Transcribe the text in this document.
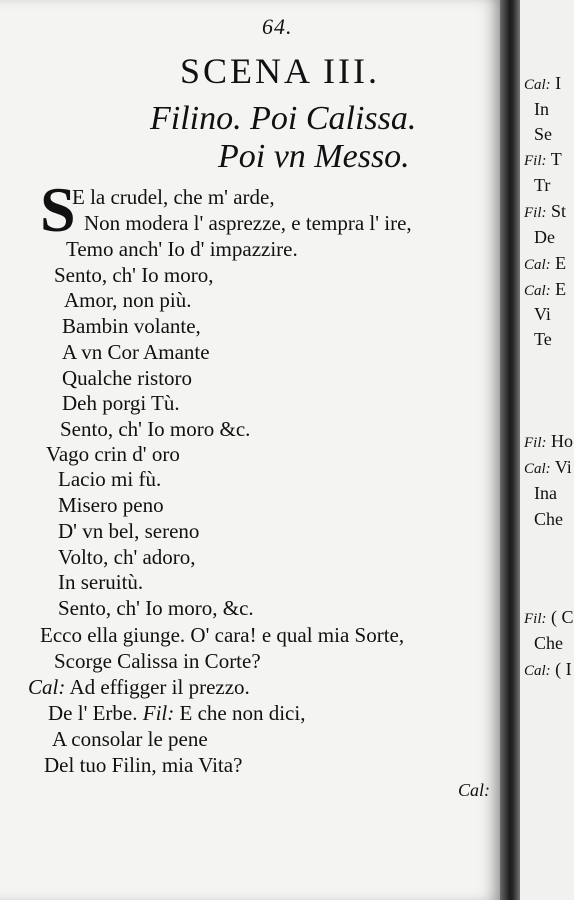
64.
SCENA III.
Filino. Poi Calissa.
Poi vn Messo.
S
E la crudel, che m' arde,
Non modera l' asprezze, e tempra l' ire,
Temo anch' Io d' impazzire.
Sento, ch' Io moro,
Amor, non più.
Bambin volante,
A vn Cor Amante
Qualche ristoro
Deh porgi Tù.
Sento, ch' Io moro &c.
Vago crin d' oro
Lacio mi fù.
Misero peno
D' vn bel, sereno
Volto, ch' adoro,
In seruitù.
Sento, ch' Io moro, &c.
Ecco ella giunge. O' cara! e qual mia Sorte,
Scorge Calissa in Corte?
Cal: Ad effigger il prezzo.
De l' Erbe. Fil: E che non dici,
A consolar le pene
Del tuo Filin, mia Vita?
Cal:
Cal: I
In
Se
Fil: T
Tr
Fil: St
De
Cal: E
Cal: E
Vi
Te
Fil: Ho
Cal: Vi
Ina
Che
Fil: ( C
Che
Cal: ( I
